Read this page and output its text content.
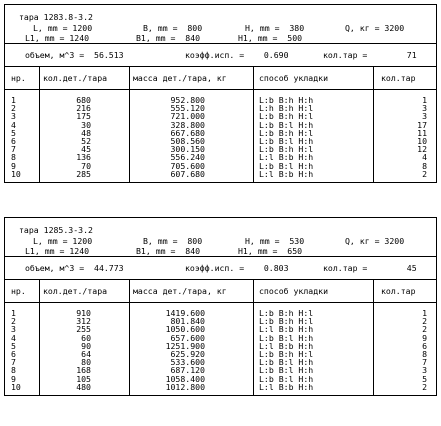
тара 1283.8-3.2
L, mm = 1200	B, mm =  800	H, mm =  380	Q, кг = 3200
L1, mm = 1240	B1, mm =  840	H1, mm =  500
объем, м^3 =  56.513	коэфф.исп. =    0.690	кол.тар =        71
нр. кол.дет./тара	масса дет./тара, кг	способ укладки	кол.тар
1	680	952.800	L:b B:h H:h	1
2	216	555.120	L:h B:h H:l	3
3	175	721.000	L:b B:h H:l	3
4	30	328.800	L:b B:l H:h	17
5	48	667.680	L:b B:h H:l	11
6	52	508.560	L:b B:l H:h	10
7	45	300.150	L:b B:h H:l	12
8	136	556.240	L:l B:b H:h	4
9	70	705.600	L:b B:l H:h	8
10	285	607.680	L:l B:b H:h	2
тара 1285.3-3.2
L, mm = 1200	B, mm =  800	H, mm =  530	Q, кг = 3200
L1, mm = 1240	B1, mm =  840	H1, mm =  650
объем, м^3 =  44.773	коэфф.исп. =    0.803	кол.тар =        45
нр. кол.дет./тара	масса дет./тара, кг	способ укладки	кол.тар
1	910	1419.600	L:b B:h H:l	1
2	312	801.840	L:b B:h H:l	2
3	255	1050.600	L:l B:b H:h	2
4	60	657.600	L:b B:l H:h	9
5	90	1251.900	L:l B:b H:h	6
6	64	625.920	L:b B:h H:l	8
7	80	533.600	L:b B:l H:h	7
8	168	687.120	L:b B:l H:h	3
9	105	1058.400	L:b B:l H:h	5
10	480	1012.800	L:l B:b H:h	2
